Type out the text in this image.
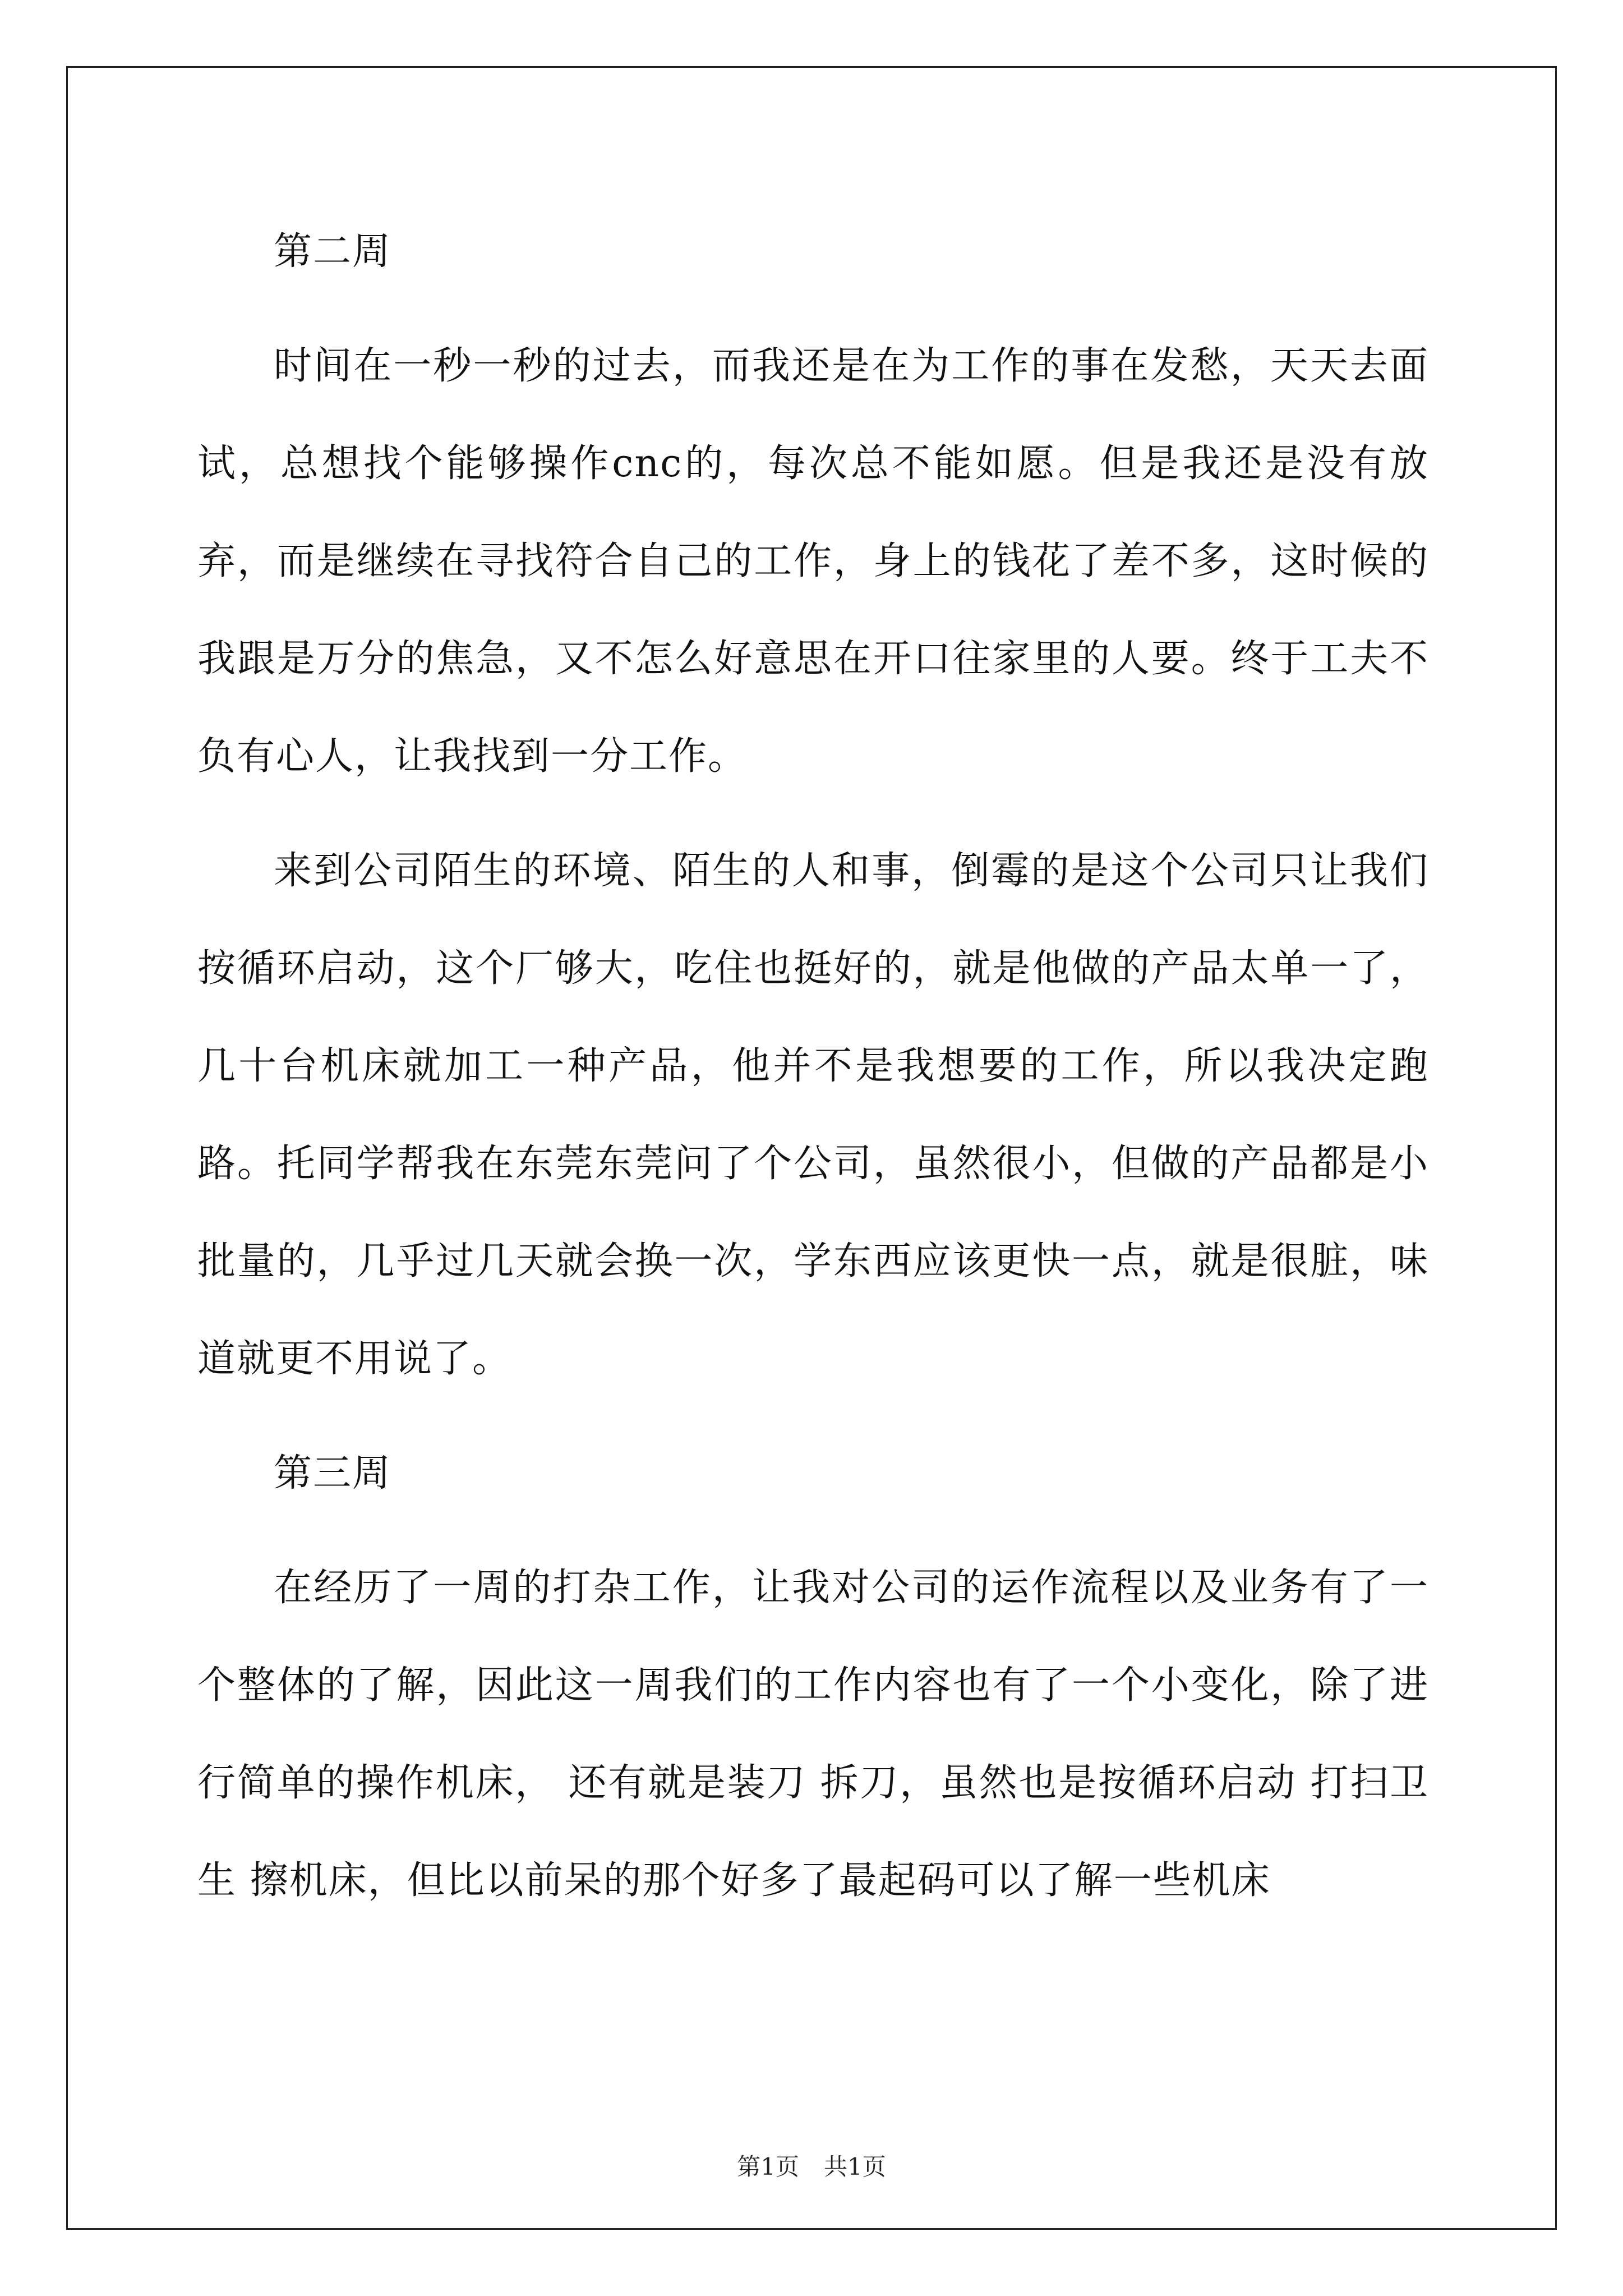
第二周

时间在一秒一秒的过去，而我还是在为工作的事在发愁，天天去面试，总想找个能够操作cnc的，每次总不能如愿。但是我还是没有放弃，而是继续在寻找符合自己的工作，身上的钱花了差不多，这时候的我跟是万分的焦急，又不怎么好意思在开口往家里的人要。终于工夫不负有心人，让我找到一分工作。

来到公司陌生的环境、陌生的人和事，倒霉的是这个公司只让我们按循环启动，这个厂够大，吃住也挺好的，就是他做的产品太单一了，几十台机床就加工一种产品，他并不是我想要的工作，所以我决定跑路。托同学帮我在东莞东莞问了个公司，虽然很小，但做的产品都是小批量的，几乎过几天就会换一次，学东西应该更快一点，就是很脏，味道就更不用说了。

第三周

在经历了一周的打杂工作，让我对公司的运作流程以及业务有了一个整体的了解，因此这一周我们的工作内容也有了一个小变化，除了进行简单的操作机床， 还有就是装刀 拆刀，虽然也是按循环启动 打扫卫生 擦机床，但比以前呆的那个好多了最起码可以了解一些机床

第1页 共1页
